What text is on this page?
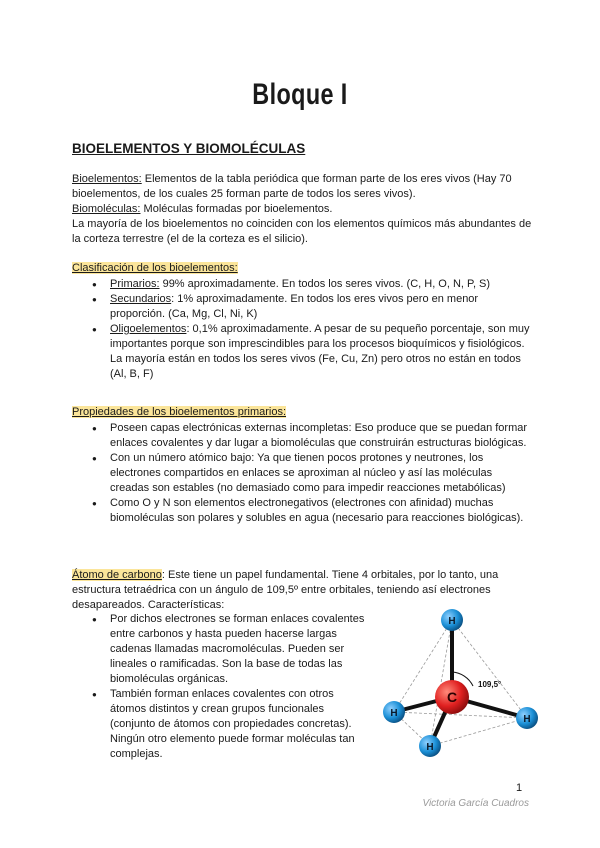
Bloque I
BIOELEMENTOS Y BIOMOLÉCULAS
Bioelementos: Elementos de la tabla periódica que forman parte de los eres vivos (Hay 70 bioelementos, de los cuales 25 forman parte de todos los seres vivos).
Biomoléculas: Moléculas formadas por bioelementos.
La mayoría de los bioelementos no coinciden con los elementos químicos más abundantes de la corteza terrestre (el de la corteza es el silicio).
Clasificación de los bioelementos:
● Primarios: 99% aproximadamente. En todos los seres vivos. (C, H, O, N, P, S)
● Secundarios: 1% aproximadamente. En todos los eres vivos pero en menor proporción. (Ca, Mg, Cl, Ni, K)
● Oligoelementos: 0,1% aproximadamente. A pesar de su pequeño porcentaje, son muy importantes porque son imprescindibles para los procesos bioquímicos y fisiológicos. La mayoría están en todos los seres vivos (Fe, Cu, Zn) pero otros no están en todos (Al, B, F)
Propiedades de los bioelementos primarios:
● Poseen capas electrónicas externas incompletas: Eso produce que se puedan formar enlaces covalentes y dar lugar a biomoléculas que construirán estructuras biológicas.
● Con un número atómico bajo: Ya que tienen pocos protones y neutrones, los electrones compartidos en enlaces se aproximan al núcleo y así las moléculas creadas son estables (no demasiado como para impedir reacciones metabólicas)
● Como O y N son elementos electronegativos (electrones con afinidad) muchas biomoléculas son polares y solubles en agua (necesario para reacciones biológicas).
Átomo de carbono: Este tiene un papel fundamental. Tiene 4 orbitales, por lo tanto, una estructura tetraédrica con un ángulo de 109,5º entre orbitales, teniendo así electrones desapareados. Características:
● Por dichos electrones se forman enlaces covalentes entre carbonos y hasta pueden hacerse largas cadenas llamadas macromoléculas. Pueden ser lineales o ramificadas. Son la base de todas las biomoléculas orgánicas.
● También forman enlaces covalentes con otros átomos distintos y crean grupos funcionales (conjunto de átomos con propiedades concretas). Ningún otro elemento puede formar moléculas tan complejas.
109,5°
H
H
H
H
C
1
Victoria García Cuadros
